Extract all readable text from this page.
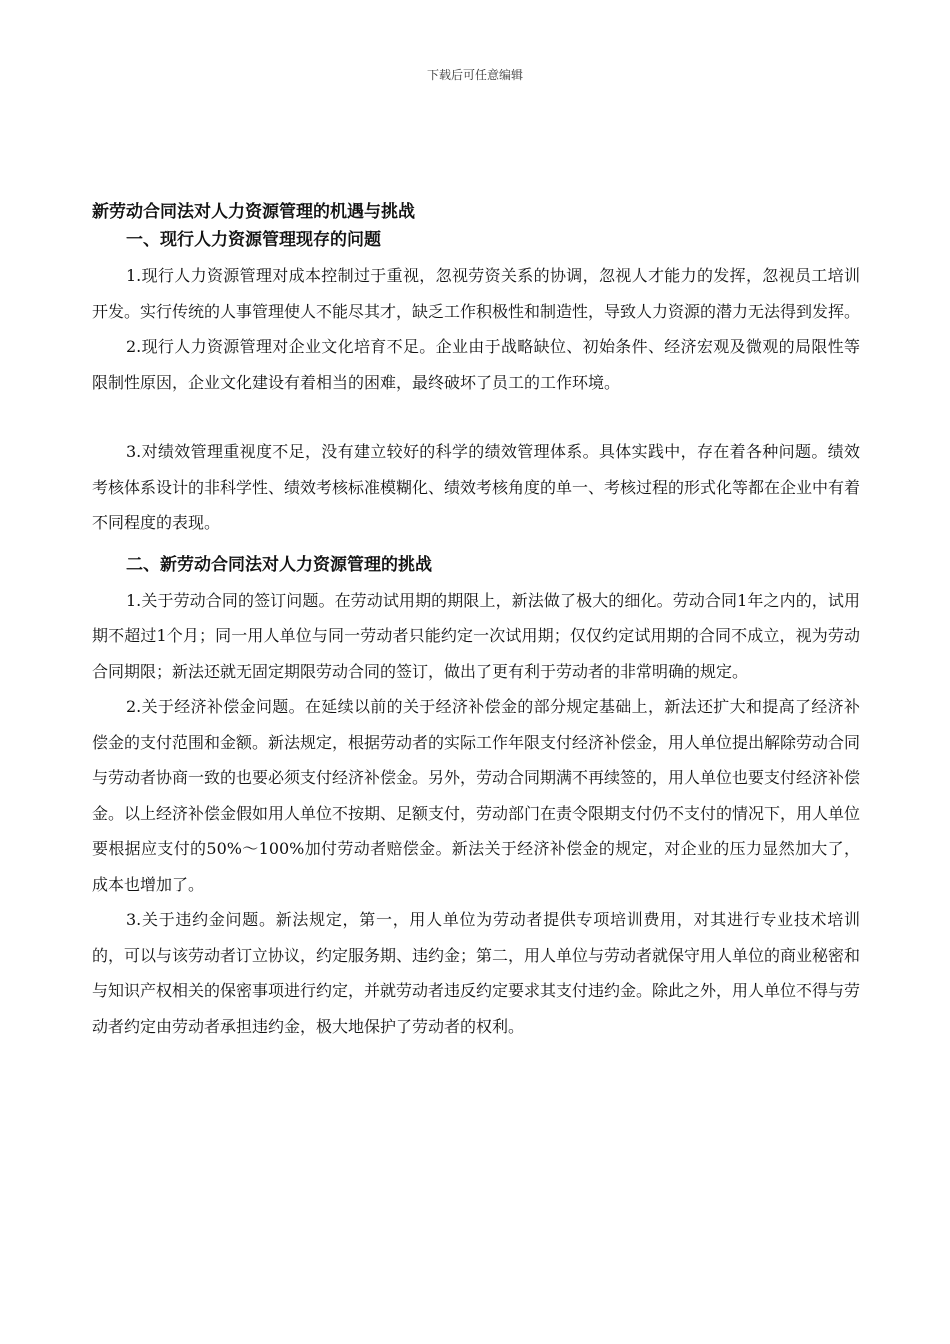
下载后可任意编辑
新劳动合同法对人力资源管理的机遇与挑战
一、现行人力资源管理现存的问题

1.现行人力资源管理对成本控制过于重视，忽视劳资关系的协调，忽视人才能力的发挥，忽视员工培训开发。实行传统的人事管理使人不能尽其才，缺乏工作积极性和制造性，导致人力资源的潜力无法得到发挥。

2.现行人力资源管理对企业文化培育不足。企业由于战略缺位、初始条件、经济宏观及微观的局限性等限制性原因，企业文化建设有着相当的困难，最终破坏了员工的工作环境。

3.对绩效管理重视度不足，没有建立较好的科学的绩效管理体系。具体实践中，存在着各种问题。绩效考核体系设计的非科学性、绩效考核标准模糊化、绩效考核角度的单一、考核过程的形式化等都在企业中有着不同程度的表现。

二、新劳动合同法对人力资源管理的挑战

1.关于劳动合同的签订问题。在劳动试用期的期限上，新法做了极大的细化。劳动合同1年之内的，试用期不超过1个月；同一用人单位与同一劳动者只能约定一次试用期；仅仅约定试用期的合同不成立，视为劳动合同期限；新法还就无固定期限劳动合同的签订，做出了更有利于劳动者的非常明确的规定。

2.关于经济补偿金问题。在延续以前的关于经济补偿金的部分规定基础上，新法还扩大和提高了经济补偿金的支付范围和金额。新法规定，根据劳动者的实际工作年限支付经济补偿金，用人单位提出解除劳动合同与劳动者协商一致的也要必须支付经济补偿金。另外，劳动合同期满不再续签的，用人单位也要支付经济补偿金。以上经济补偿金假如用人单位不按期、足额支付，劳动部门在责令限期支付仍不支付的情况下，用人单位要根据应支付的50%～100%加付劳动者赔偿金。新法关于经济补偿金的规定，对企业的压力显然加大了，成本也增加了。

3.关于违约金问题。新法规定，第一，用人单位为劳动者提供专项培训费用，对其进行专业技术培训的，可以与该劳动者订立协议，约定服务期、违约金；第二，用人单位与劳动者就保守用人单位的商业秘密和与知识产权相关的保密事项进行约定，并就劳动者违反约定要求其支付违约金。除此之外，用人单位不得与劳动者约定由劳动者承担违约金，极大地保护了劳动者的权利。
